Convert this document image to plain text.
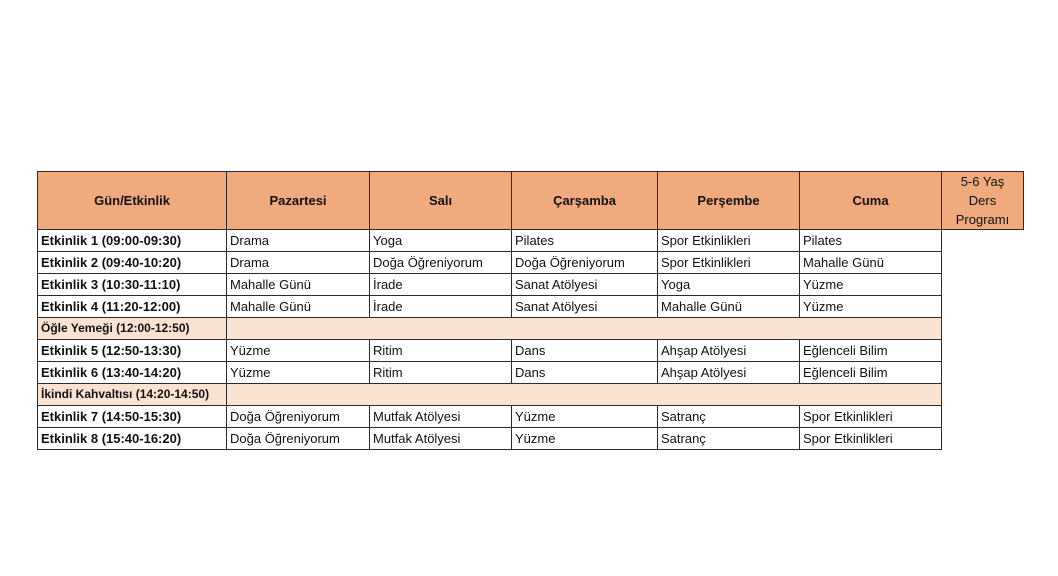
Gün/Etkinlik	Pazartesi	Salı	Çarşamba	Perşembe	Cuma	5-6 Yaş
Ders
Programı

Etkinlik 1 (09:00-09:30)	Drama	Yoga	Pilates	Spor Etkinlikleri	Pilates	
Etkinlik 2 (09:40-10:20)	Drama	Doğa Öğreniyorum	Doğa Öğreniyorum	Spor Etkinlikleri	Mahalle Günü	
Etkinlik 3 (10:30-11:10)	Mahalle Günü	İrade	Sanat Atölyesi	Yoga	Yüzme	
Etkinlik 4 (11:20-12:00)	Mahalle Günü	İrade	Sanat Atölyesi	Mahalle Günü	Yüzme	
Öğle Yemeği (12:00-12:50)						
Etkinlik 5 (12:50-13:30)	Yüzme	Ritim	Dans	Ahşap Atölyesi	Eğlenceli Bilim	
Etkinlik 6 (13:40-14:20)	Yüzme	Ritim	Dans	Ahşap Atölyesi	Eğlenceli Bilim	
İkindi Kahvaltısı (14:20-14:50)						
Etkinlik 7 (14:50-15:30)	Doğa Öğreniyorum	Mutfak Atölyesi	Yüzme	Satranç	Spor Etkinlikleri	
Etkinlik 8 (15:40-16:20)	Doğa Öğreniyorum	Mutfak Atölyesi	Yüzme	Satranç	Spor Etkinlikleri	
